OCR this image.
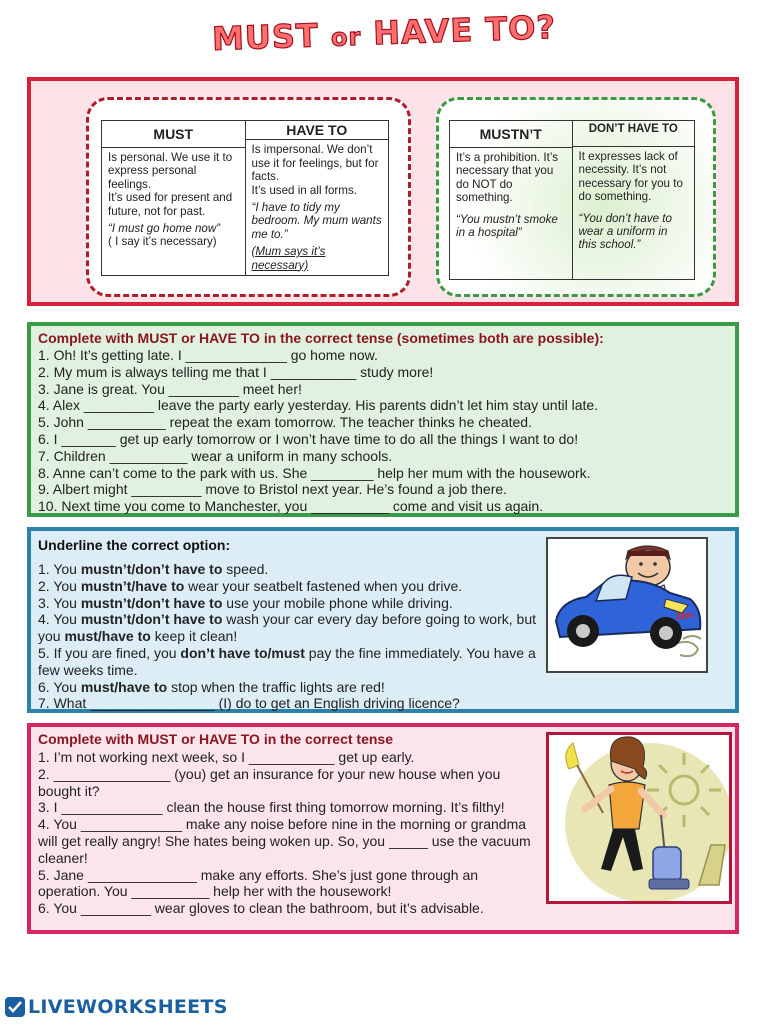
MUST or HAVE TO?
MUST

Is personal. We use it to express personal feelings.

It’s used for present and future, not for past.

“I must go home now”

( I say it’s necessary)

HAVE TO

Is impersonal. We don’t use it for feelings, but for facts.

It’s used in all forms.

“I have to tidy my bedroom. My mum wants me to.”

(Mum says it’s necessary)

MUSTN’T

It’s a prohibition. It’s necessary that you do NOT do something.

“You mustn’t smoke in a hospital”

DON’T HAVE TO

It expresses lack of necessity. It’s not necessary for you to do something.

“You don’t have to wear a uniform in this school.”

Complete with MUST or HAVE TO in the correct tense (sometimes both are possible):
1. Oh! It’s getting late. I _____________ go home now.
2. My mum is always telling me that I ___________ study more!
3. Jane is great. You _________ meet her!
4. Alex _________ leave the party early yesterday. His parents didn’t let him stay until late.
5. John __________ repeat the exam tomorrow. The teacher thinks he cheated.
6. I _______ get up early tomorrow or I won’t have time to do all the things I want to do!
7. Children __________ wear a uniform in many schools.
8. Anne can’t come to the park with us. She ________ help her mum with the housework.
9. Albert might _________ move to Bristol next year. He’s found a job there.
10. Next time you come to Manchester, you __________ come and visit us again.
Underline the correct option:
1. You mustn’t/don’t have to speed.
2. You mustn’t/have to wear your seatbelt fastened when you drive.
3. You mustn’t/don’t have to use your mobile phone while driving.
4. You mustn’t/don’t have to wash your car every day before going to work, but you must/have to keep it clean!
5. If you are fined, you don’t have to/must pay the fine immediately. You have a few weeks time.
6. You must/have to stop when the traffic lights are red!
7. What ________________ (I) do to get an English driving licence?
ZIP!
Complete with MUST or HAVE TO in the correct tense
1. I’m not working next week, so I ___________ get up early.
2. _______________ (you) get an insurance for your new house when you bought it?
3. I _____________ clean the house first thing tomorrow morning. It’s filthy!
4. You _____________ make any noise before nine in the morning or grandma will get really angry! She hates being woken up. So, you _____ use the vacuum cleaner!
5. Jane ______________ make any efforts. She’s just gone through an operation. You __________ help her with the housework!
6. You _________ wear gloves to clean the bathroom, but it’s advisable.
LIVEWORKSHEETS
